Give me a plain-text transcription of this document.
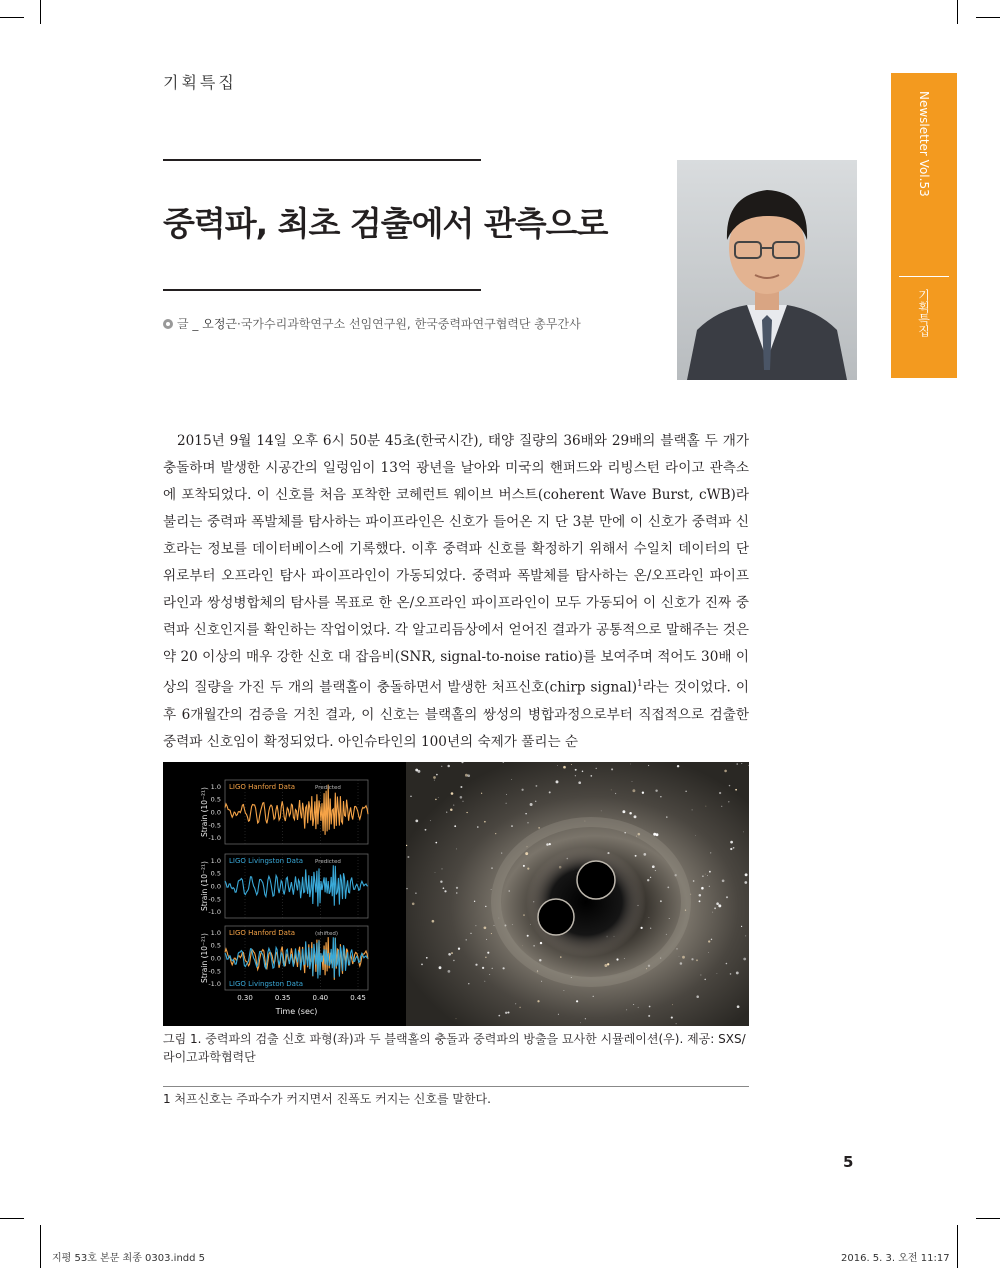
기획특집
중력파, 최초 검출에서 관측으로
글 _ 오정근·국가수리과학연구소 선임연구원, 한국중력파연구협력단 총무간사
Newsletter Vol.53
기획특집

2015년 9월 14일 오후 6시 50분 45초(한국시간), 태양 질량의 36배와 29배의 블랙홀 두 개가 충돌하며 발생한 시공간의 일렁임이 13억 광년을 날아와 미국의 핸퍼드와 리빙스턴 라이고 관측소에 포착되었다. 이 신호를 처음 포착한 코헤런트 웨이브 버스트(coherent Wave Burst, cWB)라 불리는 중력파 폭발체를 탐사하는 파이프라인은 신호가 들어온 지 단 3분 만에 이 신호가 중력파 신호라는 정보를 데이터베이스에 기록했다. 이후 중력파 신호를 확정하기 위해서 수일치 데이터의 단위로부터 오프라인 탐사 파이프라인이 가동되었다. 중력파 폭발체를 탐사하는 온/오프라인 파이프라인과 쌍성병합체의 탐사를 목표로 한 온/오프라인 파이프라인이 모두 가동되어 이 신호가 진짜 중력파 신호인지를 확인하는 작업이었다. 각 알고리듬상에서 얻어진 결과가 공통적으로 말해주는 것은 약 20 이상의 매우 강한 신호 대 잡음비(SNR, signal-to-noise ratio)를 보여주며 적어도 30배 이상의 질량을 가진 두 개의 블랙홀이 충돌하면서 발생한 처프신호(chirp signal)$^1$라는 것이었다. 이후 6개월간의 검증을 거친 결과, 이 신호는 블랙홀의 쌍성의 병합과정으로부터 직접적으로 검출한 중력파 신호임이 확정되었다. 아인슈타인의 100년의 숙제가 풀리는 순

1.0
0.5
0.0
-0.5
-1.0
LIGO Hanford Data	Predicted
Strain (10⁻²¹)
1.0
0.5
0.0
-0.5
-1.0
LIGO Livingston Data Predicted
Strain (10⁻²¹)
1.0
0.5
0.0
-0.5
-1.0
LIGO Hanford Data	(shifted)
LIGO Livingston Data
Strain (10⁻²¹)
0.30	0.35	0.40	0.45
Time (sec)
그림 1. 중력파의 검출 신호 파형(좌)과 두 블랙홀의 충돌과 중력파의 방출을 묘사한 시뮬레이션(우). 제공: SXS/라이고과학협력단
1 처프신호는 주파수가 커지면서 진폭도 커지는 신호를 말한다.
5
지평 53호 본문 최종 0303.indd 5	2016. 5. 3. 오전 11:17
